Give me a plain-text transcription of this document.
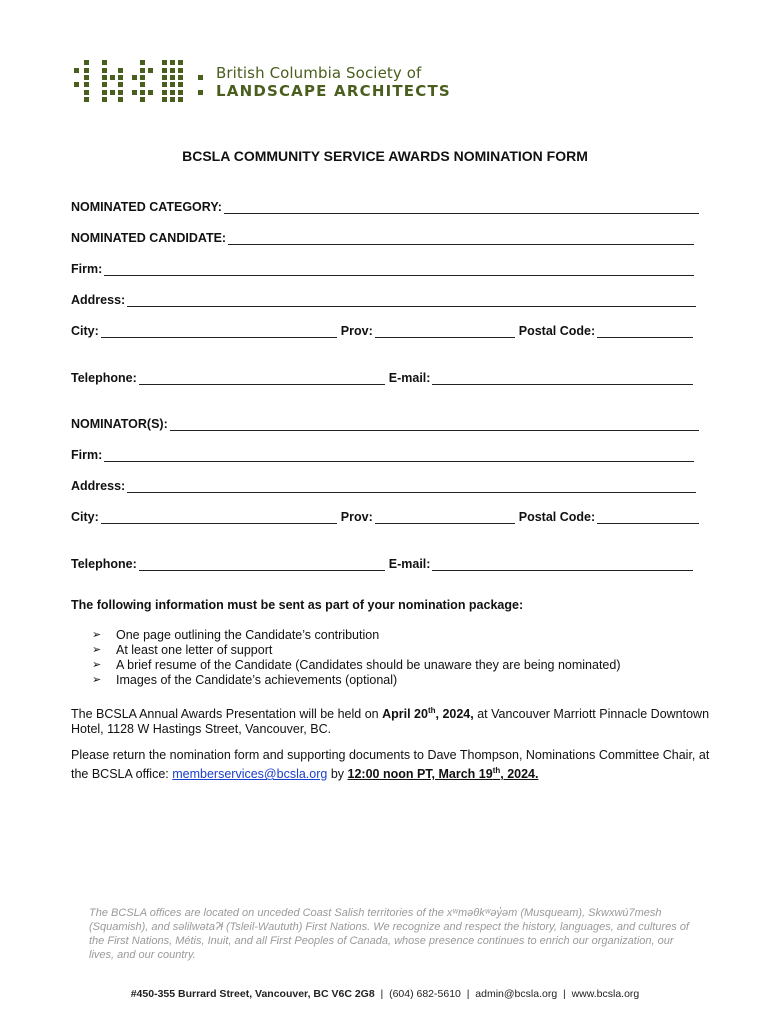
British Columbia Society of
LANDSCAPE ARCHITECTS
BCSLA COMMUNITY SERVICE AWARDS NOMINATION FORM
NOMINATED CATEGORY:
NOMINATED CANDIDATE:
Firm:
Address:
City:	Prov:	Postal Code:
Telephone:	E-mail:
NOMINATOR(S):
Firm:
Address:
City:	Prov:	Postal Code:
Telephone:	E-mail:
The following information must be sent as part of your nomination package:
➢	One page outlining the Candidate’s contribution
➢	At least one letter of support
➢	A brief resume of the Candidate (Candidates should be unaware they are being nominated)
➢	Images of the Candidate’s achievements (optional)
The BCSLA Annual Awards Presentation will be held on April 20th, 2024, at Vancouver Marriott Pinnacle Downtown Hotel, 1128 W Hastings Street, Vancouver, BC.
Please return the nomination form and supporting documents to Dave Thompson, Nominations Committee Chair, at the BCSLA office: memberservices@bcsla.org by 12:00 noon PT, March 19th, 2024.
The BCSLA offices are located on unceded Coast Salish territories of the xʷməθkʷəy̓əm (Musqueam), Skwxwú7mesh (Squamish), and səlilwətaʔɬ (Tsleil-Waututh) First Nations. We recognize and respect the history, languages, and cultures of the First Nations, Métis, Inuit, and all First Peoples of Canada, whose presence continues to enrich our organization, our lives, and our country.
#450-355 Burrard Street, Vancouver, BC V6C 2G8  |  (604) 682-5610  |  admin@bcsla.org  |  www.bcsla.org
